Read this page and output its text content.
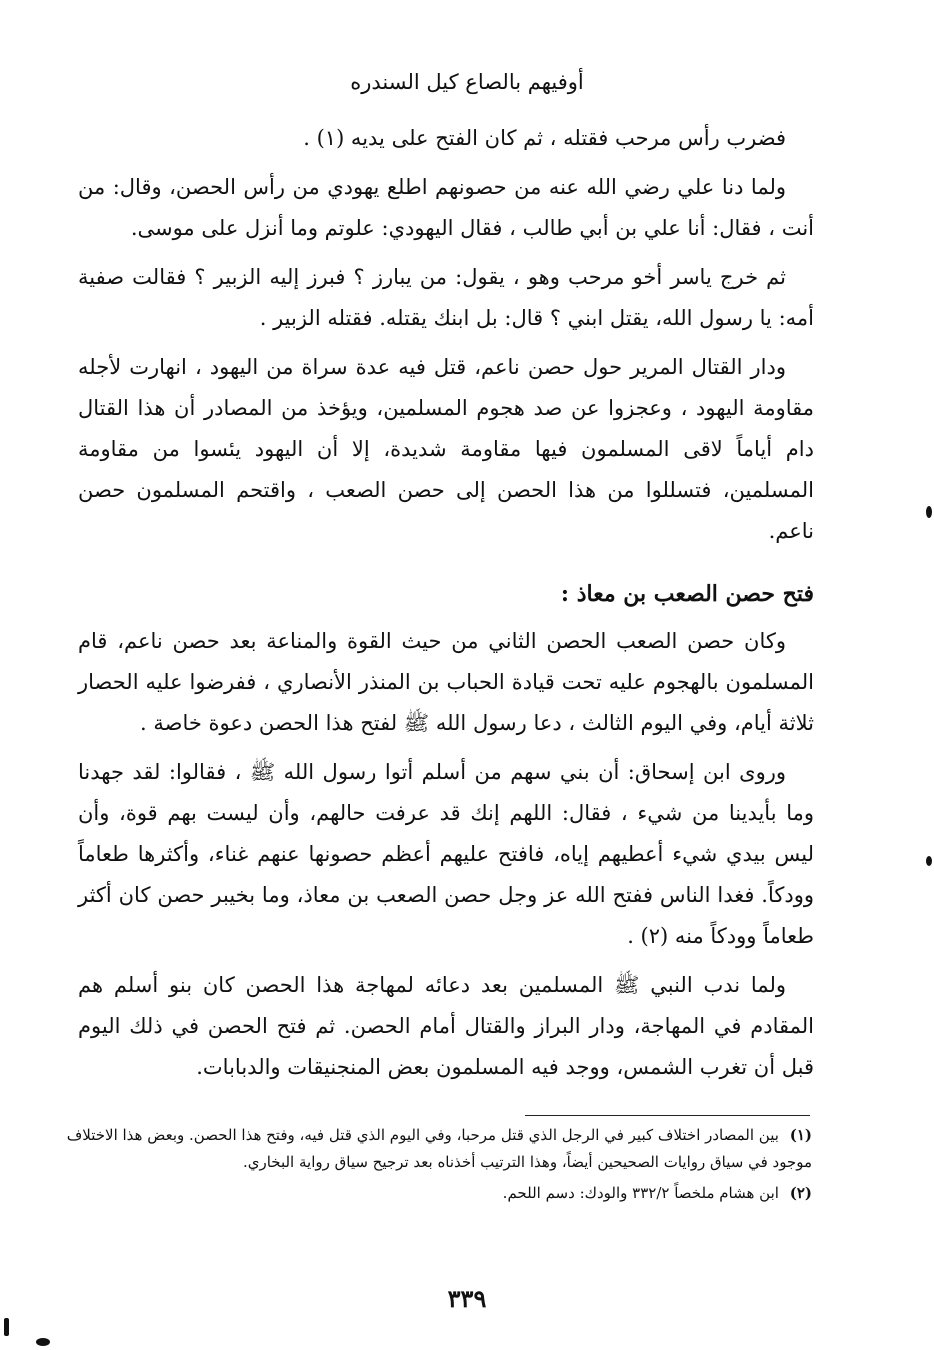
أوفيهم بالصاع كيل السندره

فضرب رأس مرحب فقتله ، ثم كان الفتح على يديه (١) .

ولما دنا علي رضي الله عنه من حصونهم اطلع يهودي من رأس الحصن، وقال: من أنت ، فقال: أنا علي بن أبي طالب ، فقال اليهودي: علوتم وما أنزل على موسى.

ثم خرج ياسر أخو مرحب وهو ، يقول: من يبارز ؟ فبرز إليه الزبير ؟ فقالت صفية أمه: يا رسول الله، يقتل ابني ؟ قال: بل ابنك يقتله. فقتله الزبير .

ودار القتال المرير حول حصن ناعم، قتل فيه عدة سراة من اليهود ، انهارت لأجله مقاومة اليهود ، وعجزوا عن صد هجوم المسلمين، ويؤخذ من المصادر أن هذا القتال دام أياماً لاقى المسلمون فيها مقاومة شديدة، إلا أن اليهود يئسوا من مقاومة المسلمين، فتسللوا من هذا الحصن إلى حصن الصعب ، واقتحم المسلمون حصن ناعم.

فتح حصن الصعب بن معاذ :

وكان حصن الصعب الحصن الثاني من حيث القوة والمناعة بعد حصن ناعم، قام المسلمون بالهجوم عليه تحت قيادة الحباب بن المنذر الأنصاري ، ففرضوا عليه الحصار ثلاثة أيام، وفي اليوم الثالث ، دعا رسول الله ﷺ لفتح هذا الحصن دعوة خاصة .

وروى ابن إسحاق: أن بني سهم من أسلم أتوا رسول الله ﷺ ، فقالوا: لقد جهدنا وما بأيدينا من شيء ، فقال: اللهم إنك قد عرفت حالهم، وأن ليست بهم قوة، وأن ليس بيدي شيء أعطيهم إياه، فافتح عليهم أعظم حصونها عنهم غناء، وأكثرها طعاماً وودكاً. فغدا الناس ففتح الله عز وجل حصن الصعب بن معاذ، وما بخيبر حصن كان أكثر طعاماً وودكاً منه (٢) .

ولما ندب النبي ﷺ المسلمين بعد دعائه لمهاجة هذا الحصن كان بنو أسلم هم المقادم في المهاجة، ودار البراز والقتال أمام الحصن. ثم فتح الحصن في ذلك اليوم قبل أن تغرب الشمس، ووجد فيه المسلمون بعض المنجنيقات والدبابات.

(١) بين المصادر اختلاف كبير في الرجل الذي قتل مرحبا، وفي اليوم الذي قتل فيه، وفتح هذا الحصن. وبعض هذا الاختلاف موجود في سياق روايات الصحيحين أيضاً، وهذا الترتيب أخذناه بعد ترجيح سياق رواية البخاري.
(٢) ابن هشام ملخصاً ٣٣٢/٢ والودك: دسم اللحم.
٣٣٩
